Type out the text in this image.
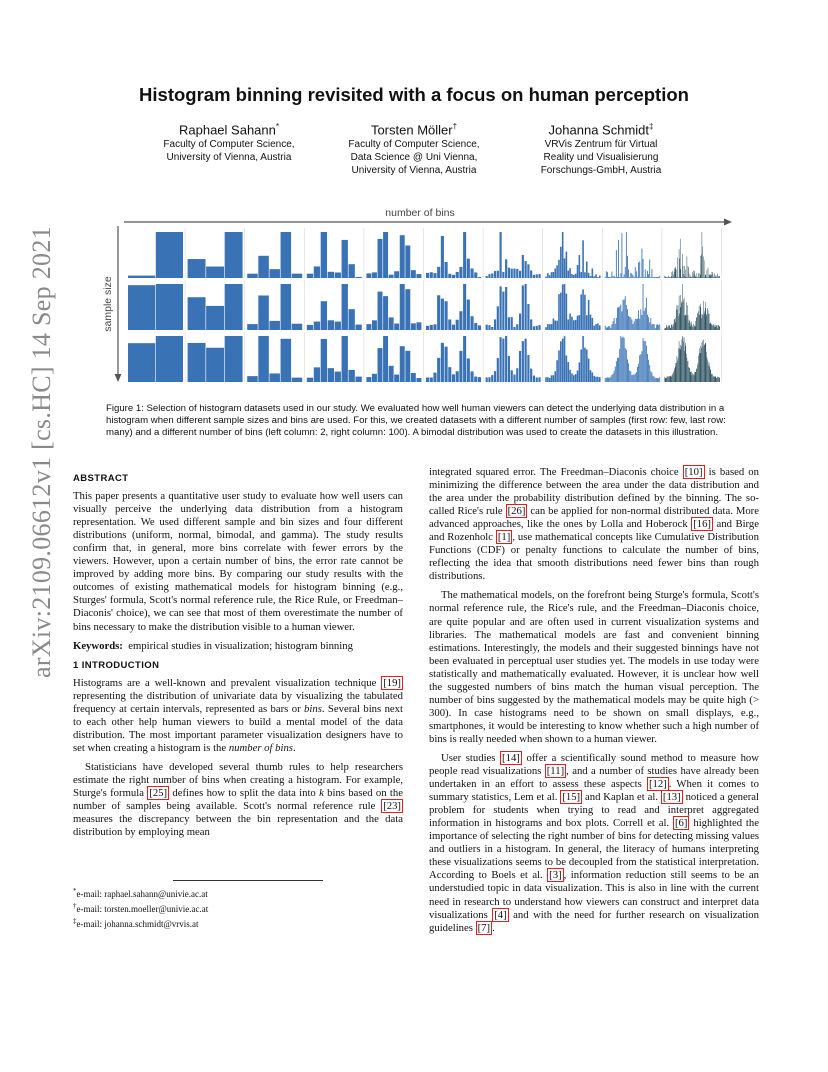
arXiv:2109.06612v1 [cs.HC] 14 Sep 2021
Histogram binning revisited with a focus on human perception
Raphael Sahann*
Faculty of Computer Science,
University of Vienna, Austria
Torsten Möller†
Faculty of Computer Science,
Data Science @ Uni Vienna,
University of Vienna, Austria
Johanna Schmidt‡
VRVis Zentrum für Virtual
Reality und Visualisierung
Forschungs-GmbH, Austria
number of bins
sample size
Figure 1: Selection of histogram datasets used in our study. We evaluated how well human viewers can detect the underlying data distribution in a histogram when different sample sizes and bins are used. For this, we created datasets with a different number of samples (first row: few, last row: many) and a different number of bins (left column: 2, right column: 100). A bimodal distribution was used to create the datasets in this illustration.
ABSTRACT

This paper presents a quantitative user study to evaluate how well users can visually perceive the underlying data distribution from a histogram representation. We used different sample and bin sizes and four different distributions (uniform, normal, bimodal, and gamma). The study results confirm that, in general, more bins correlate with fewer errors by the viewers. However, upon a certain number of bins, the error rate cannot be improved by adding more bins. By comparing our study results with the outcomes of existing mathematical models for histogram binning (e.g., Sturges' formula, Scott's normal reference rule, the Rice Rule, or Freedman–Diaconis' choice), we can see that most of them overestimate the number of bins necessary to make the distribution visible to a human viewer.

Keywords: empirical studies in visualization; histogram binning

1 INTRODUCTION

Histograms are a well-known and prevalent visualization technique [19] representing the distribution of univariate data by visualizing the tabulated frequency at certain intervals, represented as bars or bins. Several bins next to each other help human viewers to build a mental model of the data distribution. The most important parameter visualization designers have to set when creating a histogram is the number of bins.

Statisticians have developed several thumb rules to help researchers estimate the right number of bins when creating a histogram. For example, Sturge's formula [25] defines how to split the data into k bins based on the number of samples being available. Scott's normal reference rule [23] measures the discrepancy between the bin representation and the data distribution by employing mean

integrated squared error. The Freedman–Diaconis choice [10] is based on minimizing the difference between the area under the data distribution and the area under the probability distribution defined by the binning. The so-called Rice's rule [26] can be applied for non-normal distributed data. More advanced approaches, like the ones by Lolla and Hoberock [16] and Birge and Rozenholc [1] , use mathematical concepts like Cumulative Distribution Functions (CDF) or penalty functions to calculate the number of bins, reflecting the idea that smooth distributions need fewer bins than rough distributions.

The mathematical models, on the forefront being Sturge's formula, Scott's normal reference rule, the Rice's rule, and the Freedman–Diaconis choice, are quite popular and are often used in current visualization systems and libraries. The mathematical models are fast and convenient binning estimations. Interestingly, the models and their suggested binnings have not been evaluated in perceptual user studies yet. The models in use today were statistically and mathematically evaluated. However, it is unclear how well the suggested numbers of bins match the human visual perception. The number of bins suggested by the mathematical models may be quite high (> 300). In case histograms need to be shown on small displays, e.g., smartphones, it would be interesting to know whether such a high number of bins is really needed when shown to a human viewer.

User studies [14] offer a scientifically sound method to measure how people read visualizations [11] , and a number of studies have already been undertaken in an effort to assess these aspects [12] . When it comes to summary statistics, Lem et al. [15] and Kaplan et al. [13] noticed a general problem for students when trying to read and interpret aggregated information in histograms and box plots. Correll et al. [6] highlighted the importance of selecting the right number of bins for detecting missing values and outliers in a histogram. In general, the literacy of humans interpreting these visualizations seems to be decoupled from the statistical interpretation. According to Boels et al. [3] , information reduction still seems to be an understudied topic in data visualization. This is also in line with the current need in research to understand how viewers can construct and interpret data visualizations [4] and with the need for further research on visualization guidelines [7] .

*e-mail: raphael.sahann@univie.ac.at
†e-mail: torsten.moeller@univie.ac.at
‡e-mail: johanna.schmidt@vrvis.at
